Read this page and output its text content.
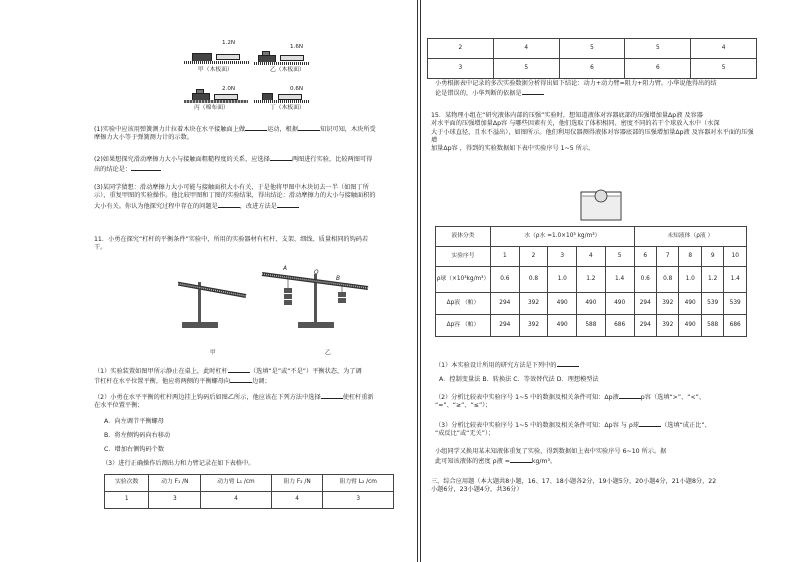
1.2N
甲（木板面）
1.6N
乙（木板面）
2.0N
丙（棉布面）
0.6N
丁（木板面）

(1)实验中应该用弹簧测力计拉着木块在水平接触面上做	运动，根据	知识可知，木块所受
摩擦力大小等于弹簧测力计的示数。

(2)如果想探究滑动摩擦力大小与接触面粗糙程度的关系，应选择	两图进行实验，比较两图可得
出的结论是：

(3)某同学猜想：滑动摩擦力大小可能与接触面积大小有关，于是他将甲图中木块切去一半（如图丁所
示），重复甲图的实验操作。他比较甲图和丁图的实验结果，得出结论：滑动摩擦力的大小与接触面积的
大小有关。你认为他探究过程中存在的问题是	，改进方法是

11．小勇在探究“杠杆的平衡条件”实验中，所用的实验器材有杠杆、支架、细线、质量相同的钩码若
干。

甲	乙
A
O
B

（1）实验装置如图甲所示静止在桌上，此时杠杆	（选填“是”或“不是”）平衡状态，为了调
节杠杆在水平位置平衡，他应将两侧的平衡螺母向	边调；

（2）小勇在水平平衡的杠杆两边挂上钩码后如图乙所示，他应该在下列方法中选择	使杠杆重新
在水平位置平衡；

A．向左调节平衡螺母

B．将左侧钩码向右移动

C．增加右侧钩码个数

（3）进行正确操作后测出力和力臂记录在如下表格中。

实验次数	动力 F₁ /N	动力臂 L₁ /cm	阻力 F₂ /N	阻力臂 L₂ /cm
1	3	4	4	3
2	4	5	5	4
3	5	6	6	5

小勇根据表中记录的多次实验数据分析得出如下结论：动力+动力臂=阻力+阻力臂。小华说他得出的结
论是错误的，小华判断的依据是

15．某物理小组在“研究液体内部的压强”实验时，想知道液体对容器底部的压强增加量Δp液 及容器
对水平面的压强增加量Δp容 与哪些因素有关，他们选取了体积相同、密度不同的若干个球放入水中（水深
大于小球直径，且水不溢出），如图所示。他们利用仪器测得液体对容器底部的压强增加量Δp液 及容器对水平面的压强增
加量Δp容 ，得到的实验数据如下表中实验序号 1~5 所示。

液体分类	水（ρ水 =1.0×10³ kg/m³）					未知液体（ρ液 ）				
实验序号	1	2	3	4	5	6	7	8	9	10
ρ球（×10³kg/m³）	0.6	0.8	1.0	1.2	1.4	0.6	0.8	1.0	1.2	1.4
Δp液 （帕）	294	392	490	490	490	294	392	490	539	539
Δp容 （帕）	294	392	490	588	686	294	392	490	588	686

（1）本实验设计所用的研究方法是下列中的

A．控制变量法 B．转换法 C．等效替代法 D．理想模型法

（2）分析比较表中实验序号 1~5 中的数据及相关条件可知：Δp液	p容（选填“>”、“<”、
“=”、“≥”、“≤”）；

（3）分析比较表中实验序号 1~5 中的数据及相关条件可知：Δp容 与 ρ球	（选填“成正比”、
“成反比”或“无关”）；

小组同学又换用某未知液体重复了实验，得到数据如上表中实验序号 6~10 所示。据
此可知该液体的密度 ρ液 =	kg/m³。

三、综合应用题（本大题共8小题，16、17、18小题各2分，19小题5分，20小题4分，21小题8分，22
小题6分，23小题4分，共36分）
